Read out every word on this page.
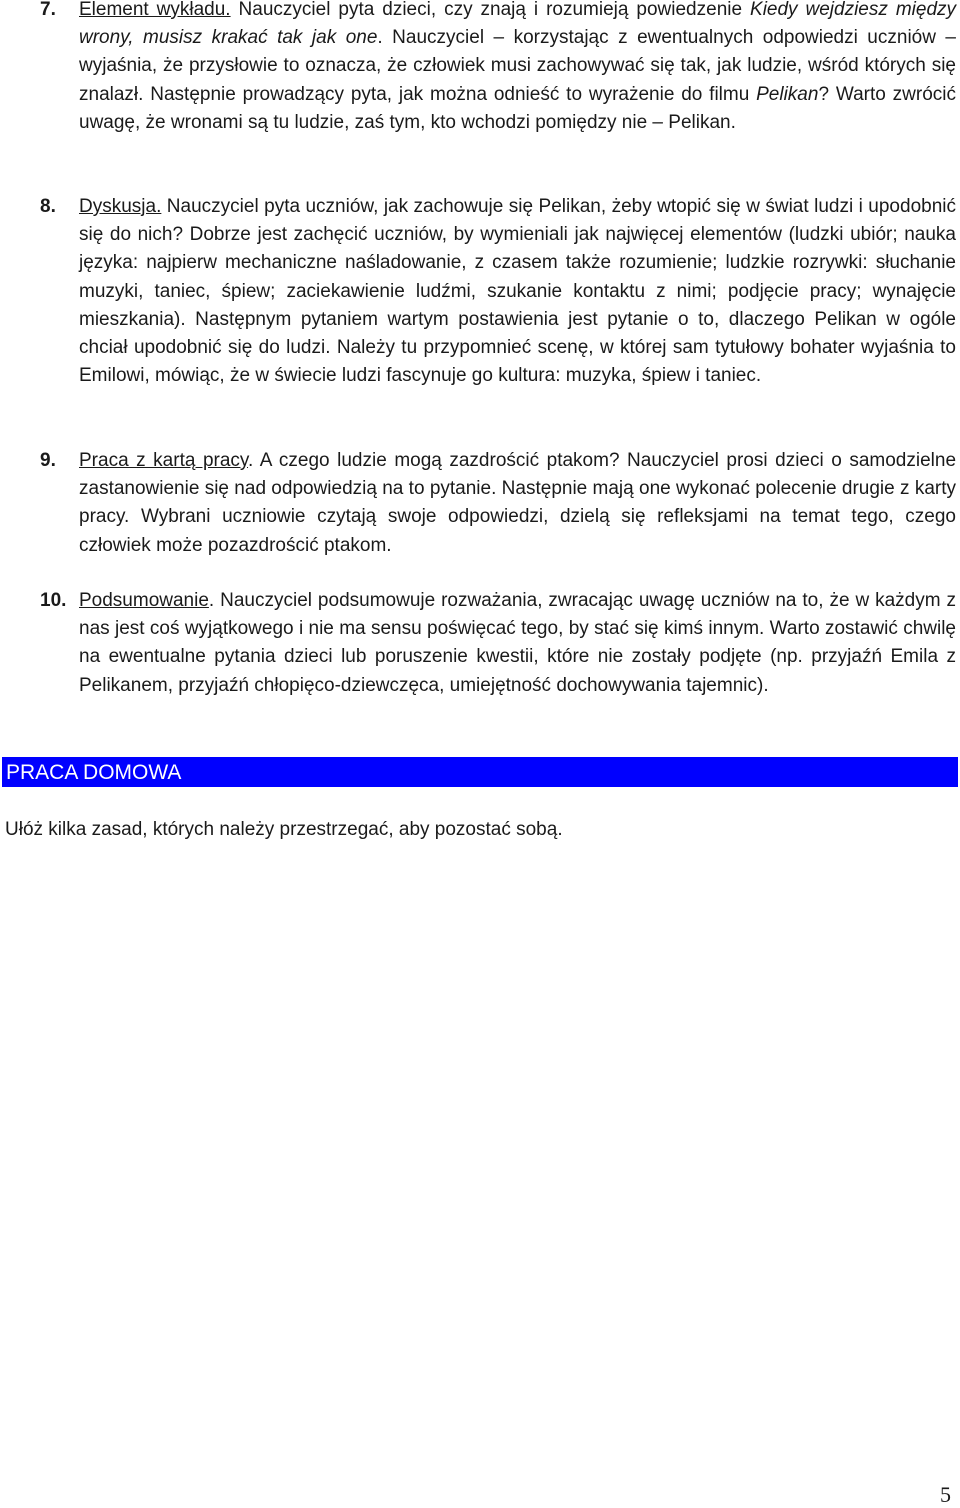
7. Element wykładu. Nauczyciel pyta dzieci, czy znają i rozumieją powiedzenie Kiedy wejdziesz między wrony, musisz krakać tak jak one. Nauczyciel – korzystając z ewentualnych odpowiedzi uczniów – wyjaśnia, że przysłowie to oznacza, że człowiek musi zachowywać się tak, jak ludzie, wśród których się znalazł. Następnie prowadzący pyta, jak można odnieść to wyrażenie do filmu Pelikan? Warto zwrócić uwagę, że wronami są tu ludzie, zaś tym, kto wchodzi pomiędzy nie – Pelikan.
8. Dyskusja. Nauczyciel pyta uczniów, jak zachowuje się Pelikan, żeby wtopić się w świat ludzi i upodobnić się do nich? Dobrze jest zachęcić uczniów, by wymieniali jak najwięcej elementów (ludzki ubiór; nauka języka: najpierw mechaniczne naśladowanie, z czasem także rozumienie; ludzkie rozrywki: słuchanie muzyki, taniec, śpiew; zaciekawienie ludźmi, szukanie kontaktu z nimi; podjęcie pracy; wynajęcie mieszkania). Następnym pytaniem wartym postawienia jest pytanie o to, dlaczego Pelikan w ogóle chciał upodobnić się do ludzi. Należy tu przypomnieć scenę, w której sam tytułowy bohater wyjaśnia to Emilowi, mówiąc, że w świecie ludzi fascynuje go kultura: muzyka, śpiew i taniec.
9. Praca z kartą pracy. A czego ludzie mogą zazdrościć ptakom? Nauczyciel prosi dzieci o samodzielne zastanowienie się nad odpowiedzią na to pytanie. Następnie mają one wykonać polecenie drugie z karty pracy. Wybrani uczniowie czytają swoje odpowiedzi, dzielą się refleksjami na temat tego, czego człowiek może pozazdrościć ptakom.
10. Podsumowanie. Nauczyciel podsumowuje rozważania, zwracając uwagę uczniów na to, że w każdym z nas jest coś wyjątkowego i nie ma sensu poświęcać tego, by stać się kimś innym. Warto zostawić chwilę na ewentualne pytania dzieci lub poruszenie kwestii, które nie zostały podjęte (np. przyjaźń Emila z Pelikanem, przyjaźń chłopięco-dziewczęca, umiejętność dochowywania tajemnic).
PRACA DOMOWA
Ułóż kilka zasad, których należy przestrzegać, aby pozostać sobą.
5
